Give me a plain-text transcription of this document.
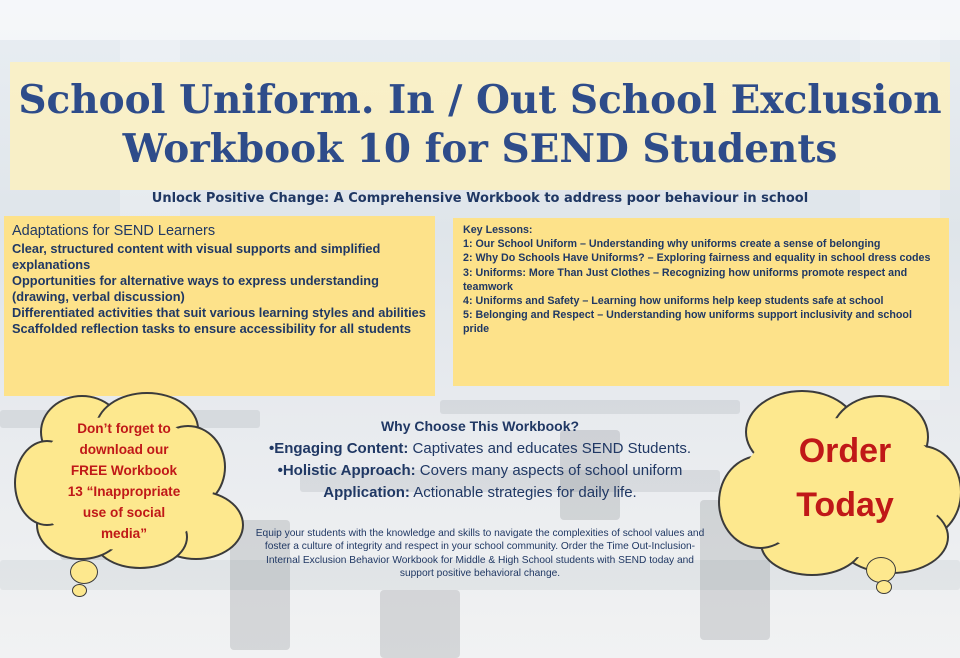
School Uniform. In / Out School Exclusion
Workbook 10 for SEND Students
Unlock Positive Change: A Comprehensive Workbook to address poor behaviour in school
Adaptations for SEND Learners
Clear, structured content with visual supports and simplified explanations
Opportunities for alternative ways to express understanding (drawing, verbal discussion)
Differentiated activities that suit various learning styles and abilities
Scaffolded reflection tasks to ensure accessibility for all students
Key Lessons:
1: Our School Uniform – Understanding why uniforms create a sense of belonging
2: Why Do Schools Have Uniforms? – Exploring fairness and equality in school dress codes
3: Uniforms: More Than Just Clothes – Recognizing how uniforms promote respect and teamwork
4: Uniforms and Safety – Learning how uniforms help keep students safe at school
5: Belonging and Respect – Understanding how uniforms support inclusivity and school pride
Don’t forget to
download our
FREE Workbook
13 “Inappropriate
use of social
media”
Order
Today
Why Choose This Workbook?
•Engaging Content: Captivates and educates SEND Students.
•Holistic Approach: Covers many aspects of school uniform
Application: Actionable strategies for daily life.
Equip your students with the knowledge and skills to navigate the complexities of school values and foster a culture of integrity and respect in your school community. Order the Time Out-Inclusion- Internal Exclusion Behavior Workbook for Middle & High School students with SEND today and support positive behavioral change.
